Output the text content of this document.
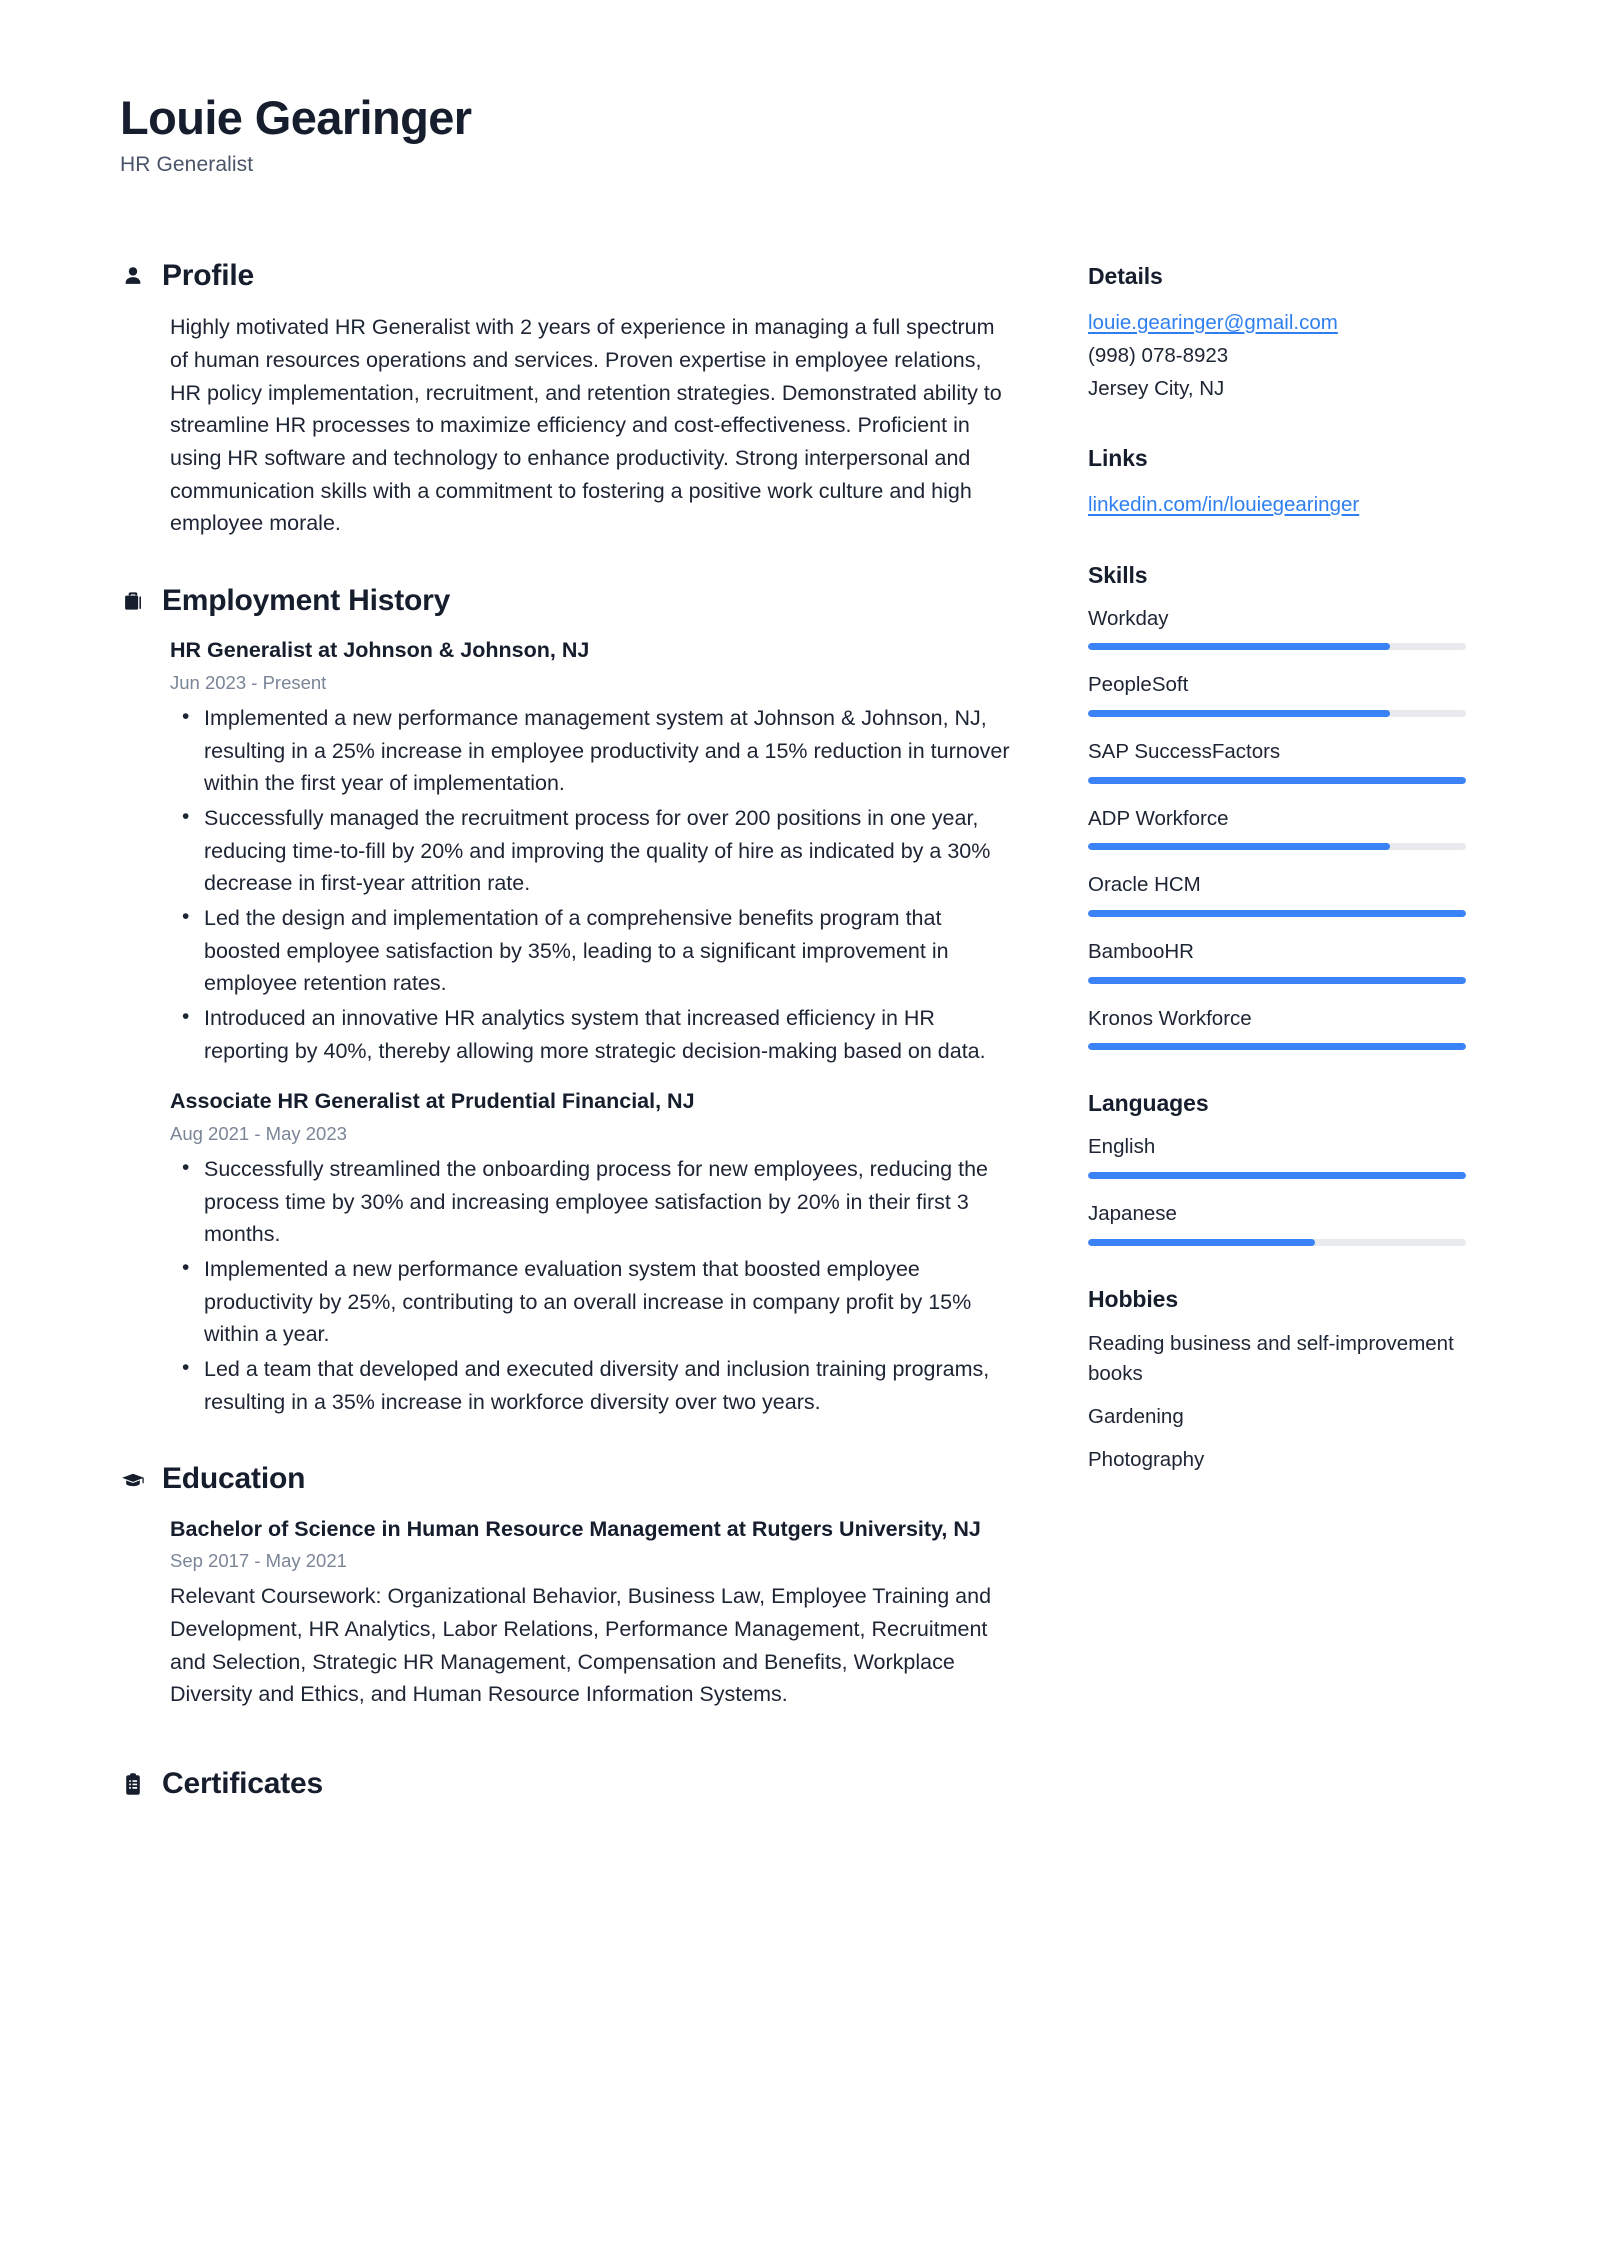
Louie Gearinger
HR Generalist
Profile

Highly motivated HR Generalist with 2 years of experience in managing a full spectrum of human resources operations and services. Proven expertise in employee relations, HR policy implementation, recruitment, and retention strategies. Demonstrated ability to streamline HR processes to maximize efficiency and cost-effectiveness. Proficient in using HR software and technology to enhance productivity. Strong interpersonal and communication skills with a commitment to fostering a positive work culture and high employee morale.

Employment History
HR Generalist at Johnson & Johnson, NJ
Jun 2023 - Present
• Implemented a new performance management system at Johnson & Johnson, NJ, resulting in a 25% increase in employee productivity and a 15% reduction in turnover within the first year of implementation.
• Successfully managed the recruitment process for over 200 positions in one year, reducing time-to-fill by 20% and improving the quality of hire as indicated by a 30% decrease in first-year attrition rate.
• Led the design and implementation of a comprehensive benefits program that boosted employee satisfaction by 35%, leading to a significant improvement in employee retention rates.
• Introduced an innovative HR analytics system that increased efficiency in HR reporting by 40%, thereby allowing more strategic decision-making based on data.
Associate HR Generalist at Prudential Financial, NJ
Aug 2021 - May 2023
• Successfully streamlined the onboarding process for new employees, reducing the process time by 30% and increasing employee satisfaction by 20% in their first 3 months.
• Implemented a new performance evaluation system that boosted employee productivity by 25%, contributing to an overall increase in company profit by 15% within a year.
• Led a team that developed and executed diversity and inclusion training programs, resulting in a 35% increase in workforce diversity over two years.
Education
Bachelor of Science in Human Resource Management at Rutgers University, NJ
Sep 2017 - May 2021

Relevant Coursework: Organizational Behavior, Business Law, Employee Training and Development, HR Analytics, Labor Relations, Performance Management, Recruitment and Selection, Strategic HR Management, Compensation and Benefits, Workplace Diversity and Ethics, and Human Resource Information Systems.

Certificates
Details
louie.gearinger@gmail.com
(998) 078-8923
Jersey City, NJ
Links
linkedin.com/in/louiegearinger
Skills
Workday
PeopleSoft
SAP SuccessFactors
ADP Workforce
Oracle HCM
BambooHR
Kronos Workforce
Languages
English
Japanese
Hobbies
Reading business and self-improvement books
Gardening
Photography
